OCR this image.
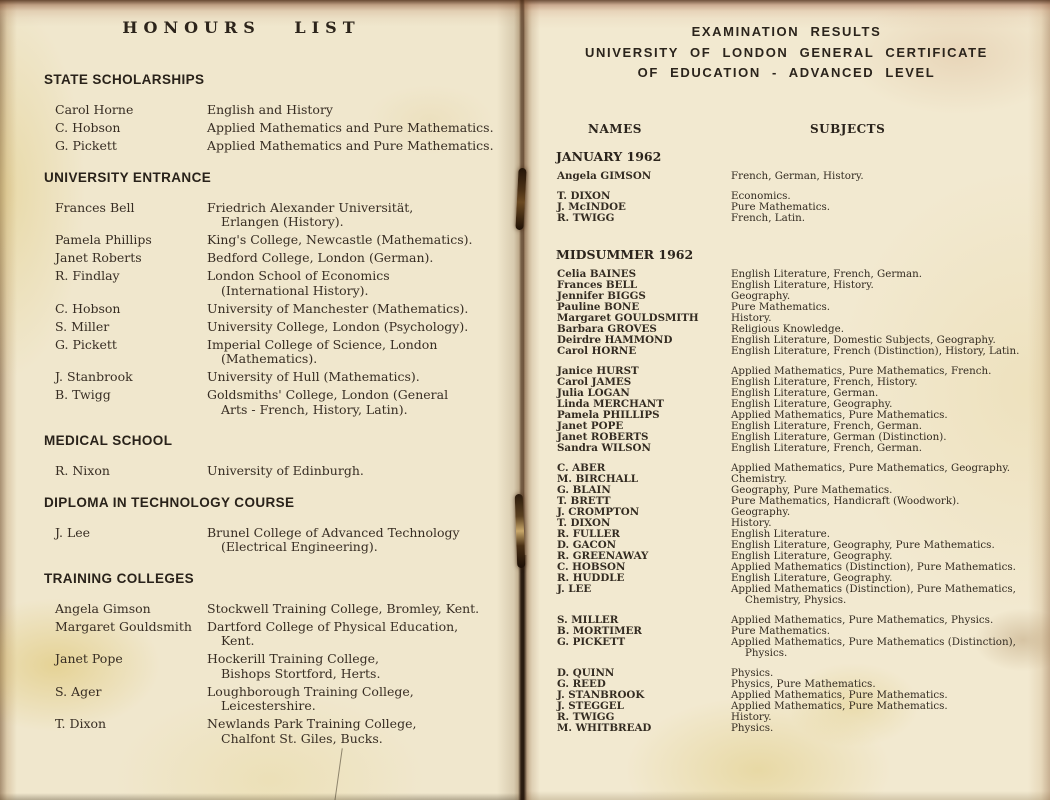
HONOURS LIST
STATE SCHOLARSHIPS
Carol Horne	English and History
C. Hobson	Applied Mathematics and Pure Mathematics.
G. Pickett	Applied Mathematics and Pure Mathematics.
UNIVERSITY ENTRANCE
Frances Bell	Friedrich Alexander Universität,
Erlangen (History).
Pamela Phillips	King's College, Newcastle (Mathematics).
Janet Roberts	Bedford College, London (German).
R. Findlay	London School of Economics
(International History).
C. Hobson	University of Manchester (Mathematics).
S. Miller	University College, London (Psychology).
G. Pickett	Imperial College of Science, London
(Mathematics).
J. Stanbrook	University of Hull (Mathematics).
B. Twigg	Goldsmiths' College, London (General
Arts - French, History, Latin).
MEDICAL SCHOOL
R. Nixon	University of Edinburgh.
DIPLOMA IN TECHNOLOGY COURSE
J. Lee	Brunel College of Advanced Technology
(Electrical Engineering).
TRAINING COLLEGES
Angela Gimson	Stockwell Training College, Bromley, Kent.
Margaret Gouldsmith	Dartford College of Physical Education,
Kent.
Janet Pope	Hockerill Training College,
Bishops Stortford, Herts.
S. Ager	Loughborough Training College,
Leicestershire.
T. Dixon	Newlands Park Training College,
Chalfont St. Giles, Bucks.
EXAMINATION RESULTS
UNIVERSITY OF LONDON GENERAL CERTIFICATE
OF EDUCATION - ADVANCED LEVEL
NAMES	SUBJECTS
JANUARY 1962
Angela GIMSON	French, German, History.
T. DIXON	Economics.
J. McINDOE	Pure Mathematics.
R. TWIGG	French, Latin.
MIDSUMMER 1962
Celia BAINES	English Literature, French, German.
Frances BELL	English Literature, History.
Jennifer BIGGS	Geography.
Pauline BONE	Pure Mathematics.
Margaret GOULDSMITH	History.
Barbara GROVES	Religious Knowledge.
Deirdre HAMMOND	English Literature, Domestic Subjects, Geography.
Carol HORNE	English Literature, French (Distinction), History, Latin.
Janice HURST	Applied Mathematics, Pure Mathematics, French.
Carol JAMES	English Literature, French, History.
Julia LOGAN	English Literature, German.
Linda MERCHANT	English Literature, Geography.
Pamela PHILLIPS	Applied Mathematics, Pure Mathematics.
Janet POPE	English Literature, French, German.
Janet ROBERTS	English Literature, German (Distinction).
Sandra WILSON	English Literature, French, German.
C. ABER	Applied Mathematics, Pure Mathematics, Geography.
M. BIRCHALL	Chemistry.
G. BLAIN	Geography, Pure Mathematics.
T. BRETT	Pure Mathematics, Handicraft (Woodwork).
J. CROMPTON	Geography.
T. DIXON	History.
R. FULLER	English Literature.
D. GACON	English Literature, Geography, Pure Mathematics.
R. GREENAWAY	English Literature, Geography.
C. HOBSON	Applied Mathematics (Distinction), Pure Mathematics.
R. HUDDLE	English Literature, Geography.
J. LEE	Applied Mathematics (Distinction), Pure Mathematics, Chemistry, Physics.
S. MILLER	Applied Mathematics, Pure Mathematics, Physics.
B. MORTIMER	Pure Mathematics.
G. PICKETT	Applied Mathematics, Pure Mathematics (Distinction), Physics.
D. QUINN	Physics.
G. REED	Physics, Pure Mathematics.
J. STANBROOK	Applied Mathematics, Pure Mathematics.
J. STEGGEL	Applied Mathematics, Pure Mathematics.
R. TWIGG	History.
M. WHITBREAD	Physics.
